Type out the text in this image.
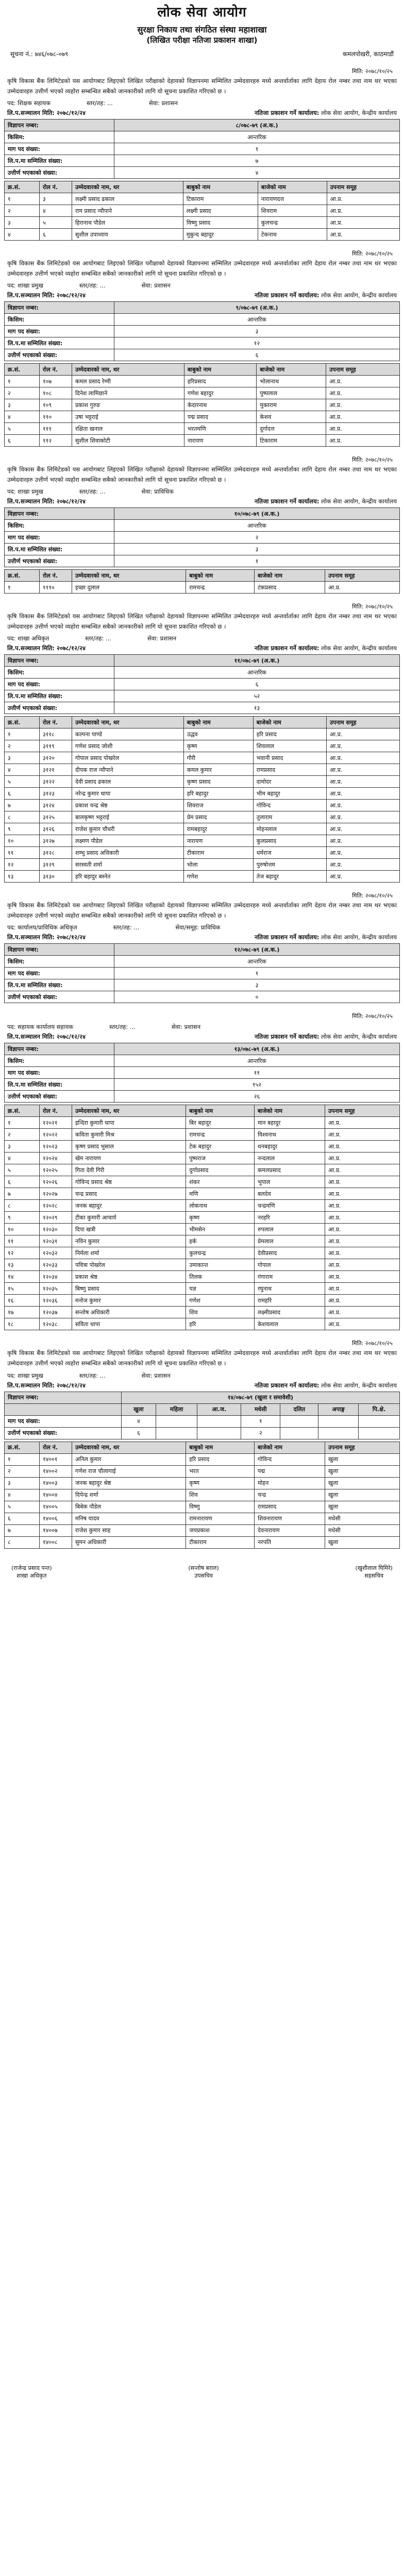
लोक सेवा आयोग
सुरक्षा निकाय तथा संगठित संस्था महाशाखा
(लिखित परीक्षा नतिजा प्रकाशन शाखा)
सूचना नं.: ७४६/०७८-०७९	कमलपोखरी, काठमाडौं
मिति: २०७८/१०/२५
कृषि विकास बैंक लिमिटेडको यस आयोगबाट लिइएको लिखित परीक्षाको देहायको विज्ञापनमा सम्मिलित उम्मेदवारहरु मध्ये अन्तर्वार्ताका लागि देहाय रोल नम्बर तथा नाम थर भएका उम्मेदवारहरु उत्तीर्ण भएको व्यहोरा सम्बन्धित सबैको जानकारीको लागि यो सूचना प्रकाशित गरिएको छ ।
पद: शिक्षक सहायक	स्तर/तह: ...	सेवा: प्रशासन
लि.प.सञ्चालन मिति: २०७८/१२/२४	नतिजा प्रकाशन गर्ने कार्यालय: लोक सेवा आयोग, केन्द्रीय कार्यालय
विज्ञापन नम्बर:	८/०७८-७९ (अ.क.)
किसिम:	आन्तरिक
माग पद संख्या:	१
लि.प.मा सम्मिलित संख्या:	७
उत्तीर्ण भएकाको संख्या:	४
क्र.सं.	रोल नं.	उम्मेदवारको नाम, थर	बाबुको नाम	बाजेको नाम	उपनाम समूह
१	३	लक्ष्मी प्रसाद ढकाल	टिकाराम	नारायणदत्त	आ.प्र.
२	४	राम प्रसाद न्यौपाने	लक्ष्मी प्रसाद	शिवराम	आ.प्र.
३	५	हिरानाथ पौडेल	विष्णु प्रसाद	कुलचन्द्र	आ.प्र.
४	६	सुशील उपाध्याय	मुकुन्द बहादुर	टेकनाथ	आ.प्र.
मिति: २०७८/१०/२५
कृषि विकास बैंक लिमिटेडको यस आयोगबाट लिइएको लिखित परीक्षाको देहायको विज्ञापनमा सम्मिलित उम्मेदवारहरु मध्ये अन्तर्वार्ताका लागि देहाय रोल नम्बर तथा नाम थर भएका उम्मेदवारहरु उत्तीर्ण भएको व्यहोरा सम्बन्धित सबैको जानकारीको लागि यो सूचना प्रकाशित गरिएको छ ।
पद: शाखा प्रमुख	स्तर/तह: ...	सेवा: प्रशासन
लि.प.सञ्चालन मिति: २०७८/१२/२४	नतिजा प्रकाशन गर्ने कार्यालय: लोक सेवा आयोग, केन्द्रीय कार्यालय
विज्ञापन नम्बर:	९/०७८-७९ (अ.क.)
किसिम:	आन्तरिक
माग पद संख्या:	३
लि.प.मा सम्मिलित संख्या:	१२
उत्तीर्ण भएकाको संख्या:	६
क्र.सं.	रोल नं.	उम्मेदवारको नाम, थर	बाबुको नाम	बाजेको नाम	उपनाम समूह
१	१०७	कमल प्रसाद रेग्मी	हरिप्रसाद	भोलानाथ	आ.प्र.
२	१०८	दिनेश लामिछाने	गणेश बहादुर	पुष्पलाल	आ.प्र.
३	१०९	प्रकाश गुरुङ	केदारनाथ	मुक्तराम	आ.प्र.
४	११०	उषा भट्टराई	पद्म प्रसाद	केशव	आ.प्र.
५	१११	रक्षिता खनाल	भरतमणि	दुर्गादत्त	आ.प्र.
६	११२	सुशील शिवाकोटी	नारायण	टिकाराम	आ.प्र.
मिति: २०७८/१०/२५
कृषि विकास बैंक लिमिटेडको यस आयोगबाट लिइएको लिखित परीक्षाको देहायको विज्ञापनमा सम्मिलित उम्मेदवारहरु मध्ये अन्तर्वार्ताका लागि देहाय रोल नम्बर तथा नाम थर भएका उम्मेदवारहरु उत्तीर्ण भएको व्यहोरा सम्बन्धित सबैको जानकारीको लागि यो सूचना प्रकाशित गरिएको छ ।
पद: शाखा प्रमुख	स्तर/तह: ...	सेवा: प्राविधिक
लि.प.सञ्चालन मिति: २०७८/१२/२४	नतिजा प्रकाशन गर्ने कार्यालय: लोक सेवा आयोग, केन्द्रीय कार्यालय
विज्ञापन नम्बर:	१०/०७८-७९ (अ.क.)
किसिम:	आन्तरिक
माग पद संख्या:	२
लि.प.मा सम्मिलित संख्या:	३
उत्तीर्ण भएकाको संख्या:	१
क्र.सं.	रोल नं.	उम्मेदवारको नाम, थर	बाबुको नाम	बाजेको नाम	उपनाम समूह
१	१११०	इच्छा दुलाल	रामचन्द्र	टंकप्रसाद	आ.प्र.
मिति: २०७८/१०/२५
कृषि विकास बैंक लिमिटेडको यस आयोगबाट लिइएको लिखित परीक्षाको देहायको विज्ञापनमा सम्मिलित उम्मेदवारहरु मध्ये अन्तर्वार्ताका लागि देहाय रोल नम्बर तथा नाम थर भएका उम्मेदवारहरु उत्तीर्ण भएको व्यहोरा सम्बन्धित सबैको जानकारीको लागि यो सूचना प्रकाशित गरिएको छ ।
पद: शाखा अधिकृत	स्तर/तह: ...	सेवा: प्रशासन
लि.प.सञ्चालन मिति: २०७८/१२/२४	नतिजा प्रकाशन गर्ने कार्यालय: लोक सेवा आयोग, केन्द्रीय कार्यालय
विज्ञापन नम्बर:	११/०७८-७९ (अ.क.)
किसिम:	आन्तरिक
माग पद संख्या:	६
लि.प.मा सम्मिलित संख्या:	५२
उत्तीर्ण भएकाको संख्या:	१३
क्र.सं.	रोल नं.	उम्मेदवारको नाम, थर	बाबुको नाम	बाजेको नाम	उपनाम समूह
१	३११८	कल्पना पाण्डे	उद्धव	हरि प्रसाद	आ.प्र.
२	३११९	गणेश प्रसाद जोशी	कृष्ण	शिवलाल	आ.प्र.
३	३१२०	गोपाल प्रसाद पोखरेल	गौरी	भवानी प्रसाद	आ.प्र.
४	३१२१	दीपक राज न्यौपाने	कमल कुमार	रामप्रसाद	आ.प्र.
५	३१२२	देवी प्रसाद ढकाल	कृष्ण प्रसाद	दामोदर	आ.प्र.
६	३१२३	नरेन्द्र कुमार थापा	हरि बहादुर	भीम बहादुर	आ.प्र.
७	३१२४	प्रकाश चन्द्र श्रेष्ठ	शिवराज	गोविन्द	आ.प्र.
८	३१२५	बालकृष्ण भट्टराई	प्रेम प्रसाद	तुलाराम	आ.प्र.
९	३१२६	राजेश कुमार चौधरी	रामबहादुर	मोहनलाल	आ.प्र.
१०	३१२७	लक्ष्मण पौडेल	नारायण	कुलप्रसाद	आ.प्र.
११	३१२८	शम्भु प्रसाद अधिकारी	टीकाराम	धर्मराज	आ.प्र.
१२	३१२९	सरस्वती शर्मा	भोला	पुरुषोत्तम	आ.प्र.
१३	३१३०	हरि बहादुर बस्नेत	गणेश	तेज बहादुर	आ.प्र.
मिति: २०७८/१०/२५
कृषि विकास बैंक लिमिटेडको यस आयोगबाट लिइएको लिखित परीक्षाको देहायको विज्ञापनमा सम्मिलित उम्मेदवारहरु मध्ये अन्तर्वार्ताका लागि देहाय रोल नम्बर तथा नाम थर भएका उम्मेदवारहरु उत्तीर्ण भएको व्यहोरा सम्बन्धित सबैको जानकारीको लागि यो सूचना प्रकाशित गरिएको छ ।
पद: कार्यालय/प्राविधिक अधिकृत	स्तर/तह: ...	सेवा/समूह: प्राविधिक
लि.प.सञ्चालन मिति: २०७८/१२/२४	नतिजा प्रकाशन गर्ने कार्यालय: लोक सेवा आयोग, केन्द्रीय कार्यालय
विज्ञापन नम्बर:	१२/०७८-७९ (अ.क.)
किसिम:	आन्तरिक
माग पद संख्या:	१
लि.प.मा सम्मिलित संख्या:	३
उत्तीर्ण भएकाको संख्या:	०
मिति: २०७८/१०/२५
पद: सहायक कार्यालय सहायक	स्तर/तह: ...	सेवा: प्रशासन
लि.प.सञ्चालन मिति: २०७८/१२/२४	नतिजा प्रकाशन गर्ने कार्यालय: लोक सेवा आयोग, केन्द्रीय कार्यालय
विज्ञापन नम्बर:	१३/०७८-७९ (अ.क.)
किसिम:	आन्तरिक
माग पद संख्या:	११
लि.प.मा सम्मिलित संख्या:	१५२
उत्तीर्ण भएकाको संख्या:	२६
क्र.सं.	रोल नं.	उम्मेदवारको नाम, थर	बाबुको नाम	बाजेको नाम	उपनाम समूह
१	१२०२१	इन्दिरा कुमारी थापा	बिर बहादुर	मान बहादुर	आ.प्र.
२	१२०२२	कविता कुमारी मिश्र	रामचन्द्र	विश्वनाथ	आ.प्र.
३	१२०२३	कृष्ण प्रसाद भुसाल	टेक बहादुर	धनबहादुर	आ.प्र.
४	१२०२४	खेम नारायण	पुष्पराज	नन्दलाल	आ.प्र.
५	१२०२५	गिता देवी गिरी	दुर्गाप्रसाद	कमलप्रसाद	आ.प्र.
६	१२०२६	गोविन्द प्रसाद श्रेष्ठ	शंकर	भुपाल	आ.प्र.
७	१२०२७	चन्द्र प्रसाद	मणि	बलदेव	आ.प्र.
८	१२०२८	जनक बहादुर	लोकनाथ	चन्द्रमणि	आ.प्र.
९	१२०२९	टीका कुमारी आचार्य	कृष्ण	नरहरि	आ.प्र.
१०	१२०३०	दिपा खत्री	भीमसेन	रुपलाल	आ.प्र.
११	१२०३१	नविन कुमार	हर्क	प्रेमलाल	आ.प्र.
१२	१२०३२	निर्मला शर्मा	कुलचन्द्र	देवीप्रसाद	आ.प्र.
१३	१२०३३	पवित्रा पोखरेल	उमाकान्त	गोपाल	आ.प्र.
१४	१२०३४	प्रकाश श्रेष्ठ	तिलक	गंगाराम	आ.प्र.
१५	१२०३५	बिष्णु प्रसाद	यज्ञ	रघुनाथ	आ.प्र.
१६	१२०३६	मनोज कुमार	गणेश	रामहरि	आ.प्र.
१७	१२०३७	सन्तोष अधिकारी	शिव	लक्ष्मीप्रसाद	आ.प्र.
१८	१२०३८	सविता थापा	हरि	केशवलाल	आ.प्र.
मिति: २०७८/१०/२५
कृषि विकास बैंक लिमिटेडको यस आयोगबाट लिइएको लिखित परीक्षाको देहायको विज्ञापनमा सम्मिलित उम्मेदवारहरु मध्ये अन्तर्वार्ताका लागि देहाय रोल नम्बर तथा नाम थर भएका उम्मेदवारहरु उत्तीर्ण भएको व्यहोरा सम्बन्धित सबैको जानकारीको लागि यो सूचना प्रकाशित गरिएको छ ।
पद: शाखा प्रमुख	स्तर/तह: ...	सेवा: प्रशासन
लि.प.सञ्चालन मिति: २०७८/१२/२४	नतिजा प्रकाशन गर्ने कार्यालय: लोक सेवा आयोग, केन्द्रीय कार्यालय
विज्ञापन नम्बर:	१४/०७८-७९ (खुला र समावेशी)						
	खुला	महिला	आ.ज.	मधेसी	दलित	अपाङ्ग	पि.क्षे.
माग पद संख्या:	४			१			
उत्तीर्ण भएकाको संख्या:	६			२			
क्र.सं.	रोल नं.	उम्मेदवारको नाम, थर	बाबुको नाम	बाजेको नाम	उपनाम समूह
१	१४००१	अनिल कुमार	हरि प्रसाद	गोविन्द	खुला
२	१४००२	गणेश राज चौलागाई	भरत	पद्म	खुला
३	१४००३	जनक बहादुर श्रेष्ठ	कृष्ण	मोहन	खुला
४	१४००४	दिपेन्द्र शर्मा	शिव	चन्द्र	खुला
५	१४००५	बिबेक पौडेल	विष्णु	रामप्रसाद	खुला
६	१४००६	मनिष यादव	रामनारायण	शिवनारायण	मधेसी
७	१४००७	राजेश कुमार साह	जयप्रकाश	देवनारायण	मधेसी
८	१४००८	सुमन अधिकारी	टीकाराम	नरपति	खुला
(राजेन्द्र प्रसाद पन्त)
शाखा अधिकृत
(सन्तोष बराल)
उपसचिव
(खुशीलाल घिमिरे)
सहसचिव
